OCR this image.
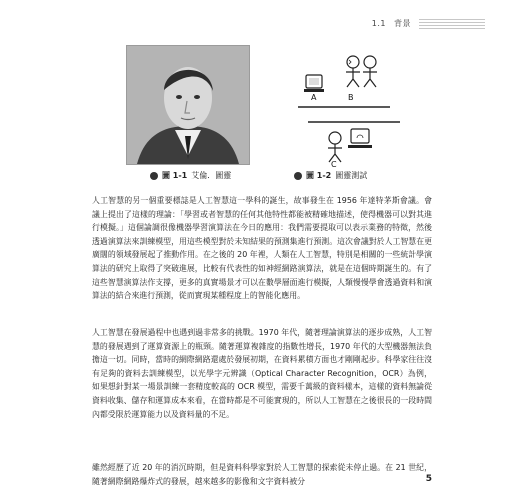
1.1 背景
圖 1-1 艾倫．圖靈
A	B
C
圖 1-2 圖靈測試

人工智慧的另一個重要標誌是人工智慧這一學科的誕生，故事發生在 1956 年達特茅斯會議。會議上提出了這樣的理論：「學習或者智慧的任何其他特性都能被精確地描述，使得機器可以對其進行模擬。」這個論調很像機器學習演算法在今日的應用：我們需要提取可以表示業務的特徵，然後透過演算法來訓練模型，用這些模型對於未知結果的預測集進行預測。這次會議對於人工智慧在更廣闊的領域發展起了推動作用。在之後的 20 年裡，人類在人工智慧，特別是相關的一些統計學演算法的研究上取得了突破進展，比較有代表性的如神經網路演算法，就是在這個時期誕生的。有了這些智慧演算法作支撐，更多的真實場景才可以在數學層面進行模擬，人類慢慢學會透過資料和演算法的結合來進行預測，從而實現某種程度上的智能化應用。

人工智慧在發展過程中也遇到過非常多的挑戰。1970 年代，隨著理論演算法的逐步成熟，人工智慧的發展遇到了運算資源上的瓶頸。隨著運算複雜度的指數性增長，1970 年代的大型機器無法負擔這一切。同時，當時的網際網路還處於發展初期，在資料累積方面也才剛剛起步。科學家往往沒有足夠的資料去訓練模型，以光學字元辨識（Optical Character Recognition，OCR）為例，如果想針對某一場景訓練一套精度較高的 OCR 模型，需要千萬級的資料樣本，這樣的資料無論從資料收集、儲存和運算成本來看，在當時都是不可能實現的，所以人工智慧在之後很長的一段時間內都受限於運算能力以及資料量的不足。

雖然經歷了近 20 年的消沉時期，但是資料科學家對於人工智慧的探索從未停止過。在 21 世紀，隨著網際網路爆炸式的發展，越來越多的影像和文字資料被分	5
